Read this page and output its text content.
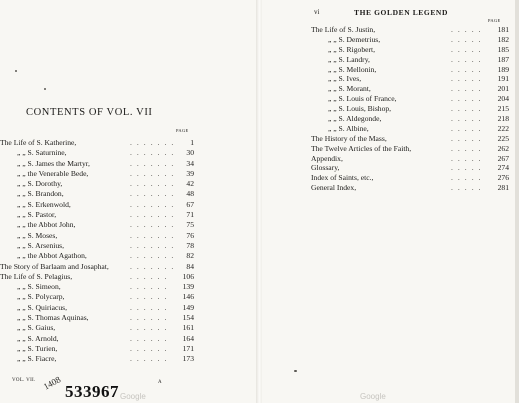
CONTENTS OF VOL. VII
PAGE
.......
The Life of S. Katherine,	1
.......
„ „ S. Saturnine,	30
.......
„ „ S. James the Martyr,	34
.......
„ „ the Venerable Bede,	39
.......
„ „ S. Dorothy,	42
.......
„ „ S. Brandon,	48
.......
„ „ S. Erkenwold,	67
.......
„ „ S. Pastor,	71
.......
„ „ the Abbot John,	75
.......
„ „ S. Moses,	76
.......
„ „ S. Arsenius,	78
.......
„ „ the Abbot Agathon,	82
.......
The Story of Barlaam and Josaphat,	84
......
The Life of S. Pelagius,	106
......
„ „ S. Simeon,	139
......
„ „ S. Polycarp,	146
......
„ „ S. Quiriacus,	149
......
„ „ S. Thomas Aquinas,	154
......
„ „ S. Gaius,	161
......
„ „ S. Arnold,	164
......
„ „ S. Turien,	171
......
„ „ S. Fiacre,	173
VOL. VII. 1408 533967	A
Google
vi	THE GOLDEN LEGEND
PAGE
.....
The Life of S. Justin,	181
.....
„ „ S. Demetrius,	182
.....
„ „ S. Rigobert,	185
.....
„ „ S. Landry,	187
.....
„ „ S. Mellonin,	189
.....
„ „ S. Ives,	191
.....
„ „ S. Morant,	201
.....
„ „ S. Louis of France,	204
.....
„ „ S. Louis, Bishop,	215
.....
„ „ S. Aldegonde,	218
.....
„ „ S. Albine,	222
.....
The History of the Mass,	225
.....
The Twelve Articles of the Faith,	262
.....
Appendix,	267
.....
Glossary,	274
.....
Index of Saints, etc.,	276
.....
General Index,	281
Google
